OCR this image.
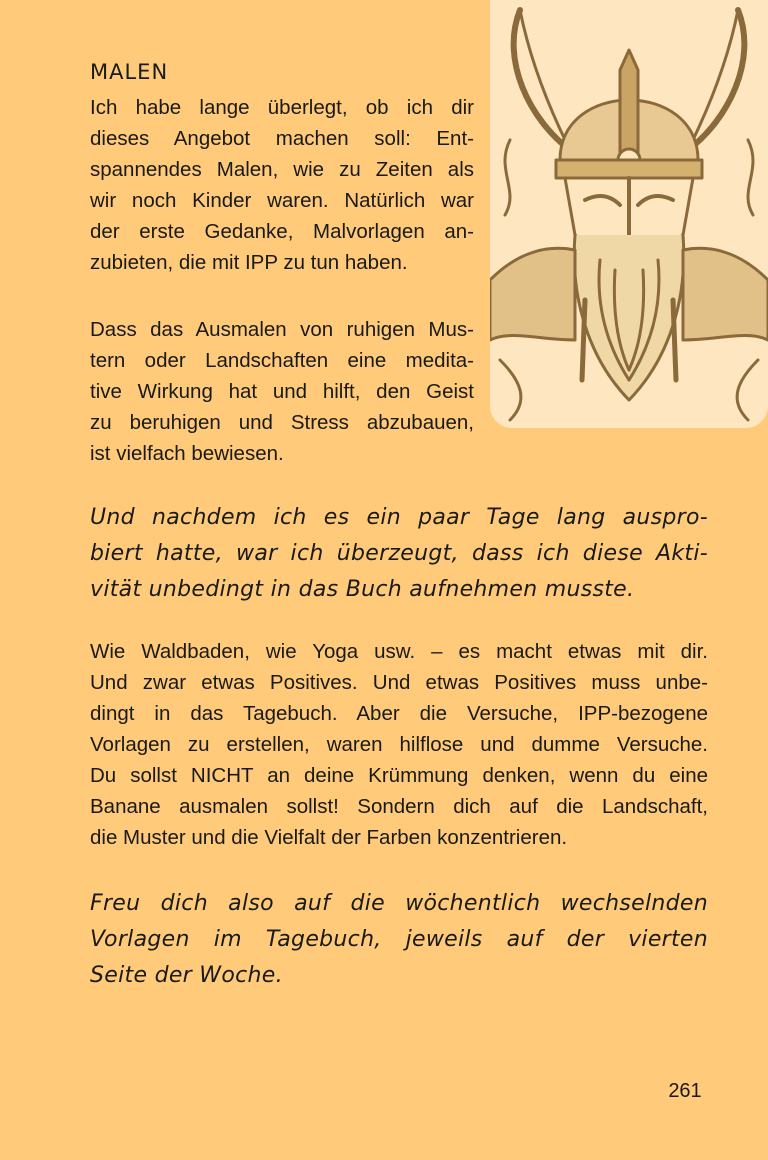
MALEN

Ich habe lange überlegt, ob ich dir
dieses Angebot machen soll: Ent-
spannendes Malen, wie zu Zeiten als
wir noch Kinder waren. Natürlich war
der erste Gedanke, Malvorlagen an-
zubieten, die mit IPP zu tun haben.

Dass das Ausmalen von ruhigen Mus-
tern oder Landschaften eine medita-
tive Wirkung hat und hilft, den Geist
zu beruhigen und Stress abzubauen,
ist vielfach bewiesen.

Und nachdem ich es ein paar Tage lang auspro-
biert hatte, war ich überzeugt, dass ich diese Akti-
vität unbedingt in das Buch aufnehmen musste.

Wie Waldbaden, wie Yoga usw. – es macht etwas mit dir.
Und zwar etwas Positives. Und etwas Positives muss unbe-
dingt in das Tagebuch. Aber die Versuche, IPP-bezogene
Vorlagen zu erstellen, waren hilflose und dumme Versuche.
Du sollst NICHT an deine Krümmung denken, wenn du eine
Banane ausmalen sollst! Sondern dich auf die Landschaft,
die Muster und die Vielfalt der Farben konzentrieren.

Freu dich also auf die wöchentlich wechselnden
Vorlagen im Tagebuch, jeweils auf der vierten
Seite der Woche.

261
